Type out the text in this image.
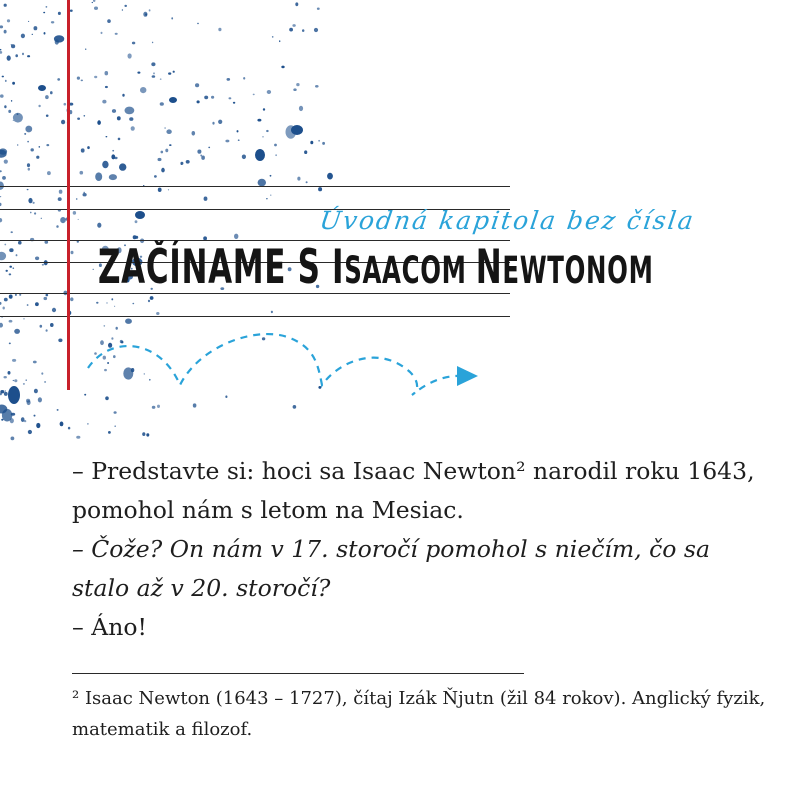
Úvodná kapitola bez čísla
ZAČÍNAME S ISAACOM NEWTONOM

– Predstavte si: hoci sa Isaac Newton² narodil roku 1643, pomohol nám s letom na Mesiac.

– Čože? On nám v 17. storočí pomohol s niečím, čo sa stalo až v 20. storočí?

– Áno!

² Isaac Newton (1643 – 1727), čítaj Izák Ňjutn (žil 84 rokov). Anglický fyzik, matematik a filozof.
